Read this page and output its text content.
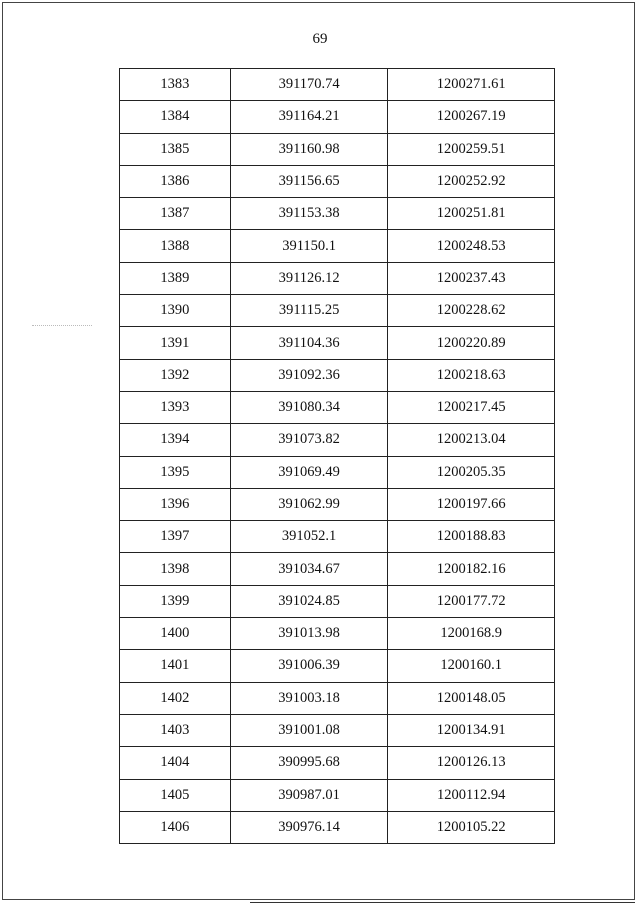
69
1383	391170.74	1200271.61
1384	391164.21	1200267.19
1385	391160.98	1200259.51
1386	391156.65	1200252.92
1387	391153.38	1200251.81
1388	391150.1	1200248.53
1389	391126.12	1200237.43
1390	391115.25	1200228.62
1391	391104.36	1200220.89
1392	391092.36	1200218.63
1393	391080.34	1200217.45
1394	391073.82	1200213.04
1395	391069.49	1200205.35
1396	391062.99	1200197.66
1397	391052.1	1200188.83
1398	391034.67	1200182.16
1399	391024.85	1200177.72
1400	391013.98	1200168.9
1401	391006.39	1200160.1
1402	391003.18	1200148.05
1403	391001.08	1200134.91
1404	390995.68	1200126.13
1405	390987.01	1200112.94
1406	390976.14	1200105.22
